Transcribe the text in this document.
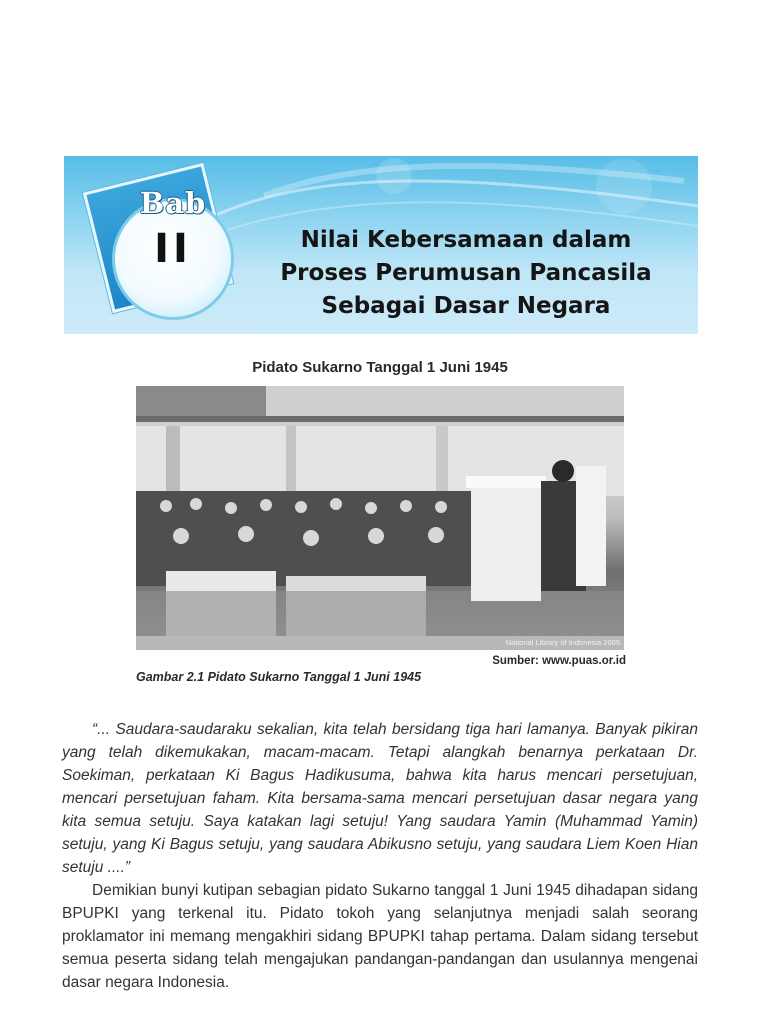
Bab
II	Nilai Kebersamaan dalam
Proses Perumusan Pancasila
Sebagai Dasar Negara
Pidato Sukarno Tanggal 1 Juni 1945
National Library of Indonesia 2005
Sumber: www.puas.or.id
Gambar 2.1 Pidato Sukarno Tanggal 1 Juni 1945

“... Saudara-saudaraku sekalian, kita telah bersidang tiga hari lamanya. Banyak pikiran yang telah dikemukakan, macam-macam. Tetapi alangkah benarnya perkataan Dr. Soekiman, perkataan Ki Bagus Hadikusuma, bahwa kita harus mencari persetujuan, mencari persetujuan faham. Kita bersama-sama mencari persetujuan dasar negara yang kita semua setuju. Saya katakan lagi setuju! Yang saudara Yamin (Muhammad Yamin) setuju, yang Ki Bagus setuju, yang saudara Abikusno setuju, yang saudara Liem Koen Hian setuju ....”

Demikian bunyi kutipan sebagian pidato Sukarno tanggal 1 Juni 1945 dihadapan sidang BPUPKI yang terkenal itu. Pidato tokoh yang selanjutnya menjadi salah seorang proklamator ini memang mengakhiri sidang BPUPKI tahap pertama. Dalam sidang tersebut semua peserta sidang telah mengajukan pandangan-pandangan dan usulannya mengenai dasar negara Indonesia.
